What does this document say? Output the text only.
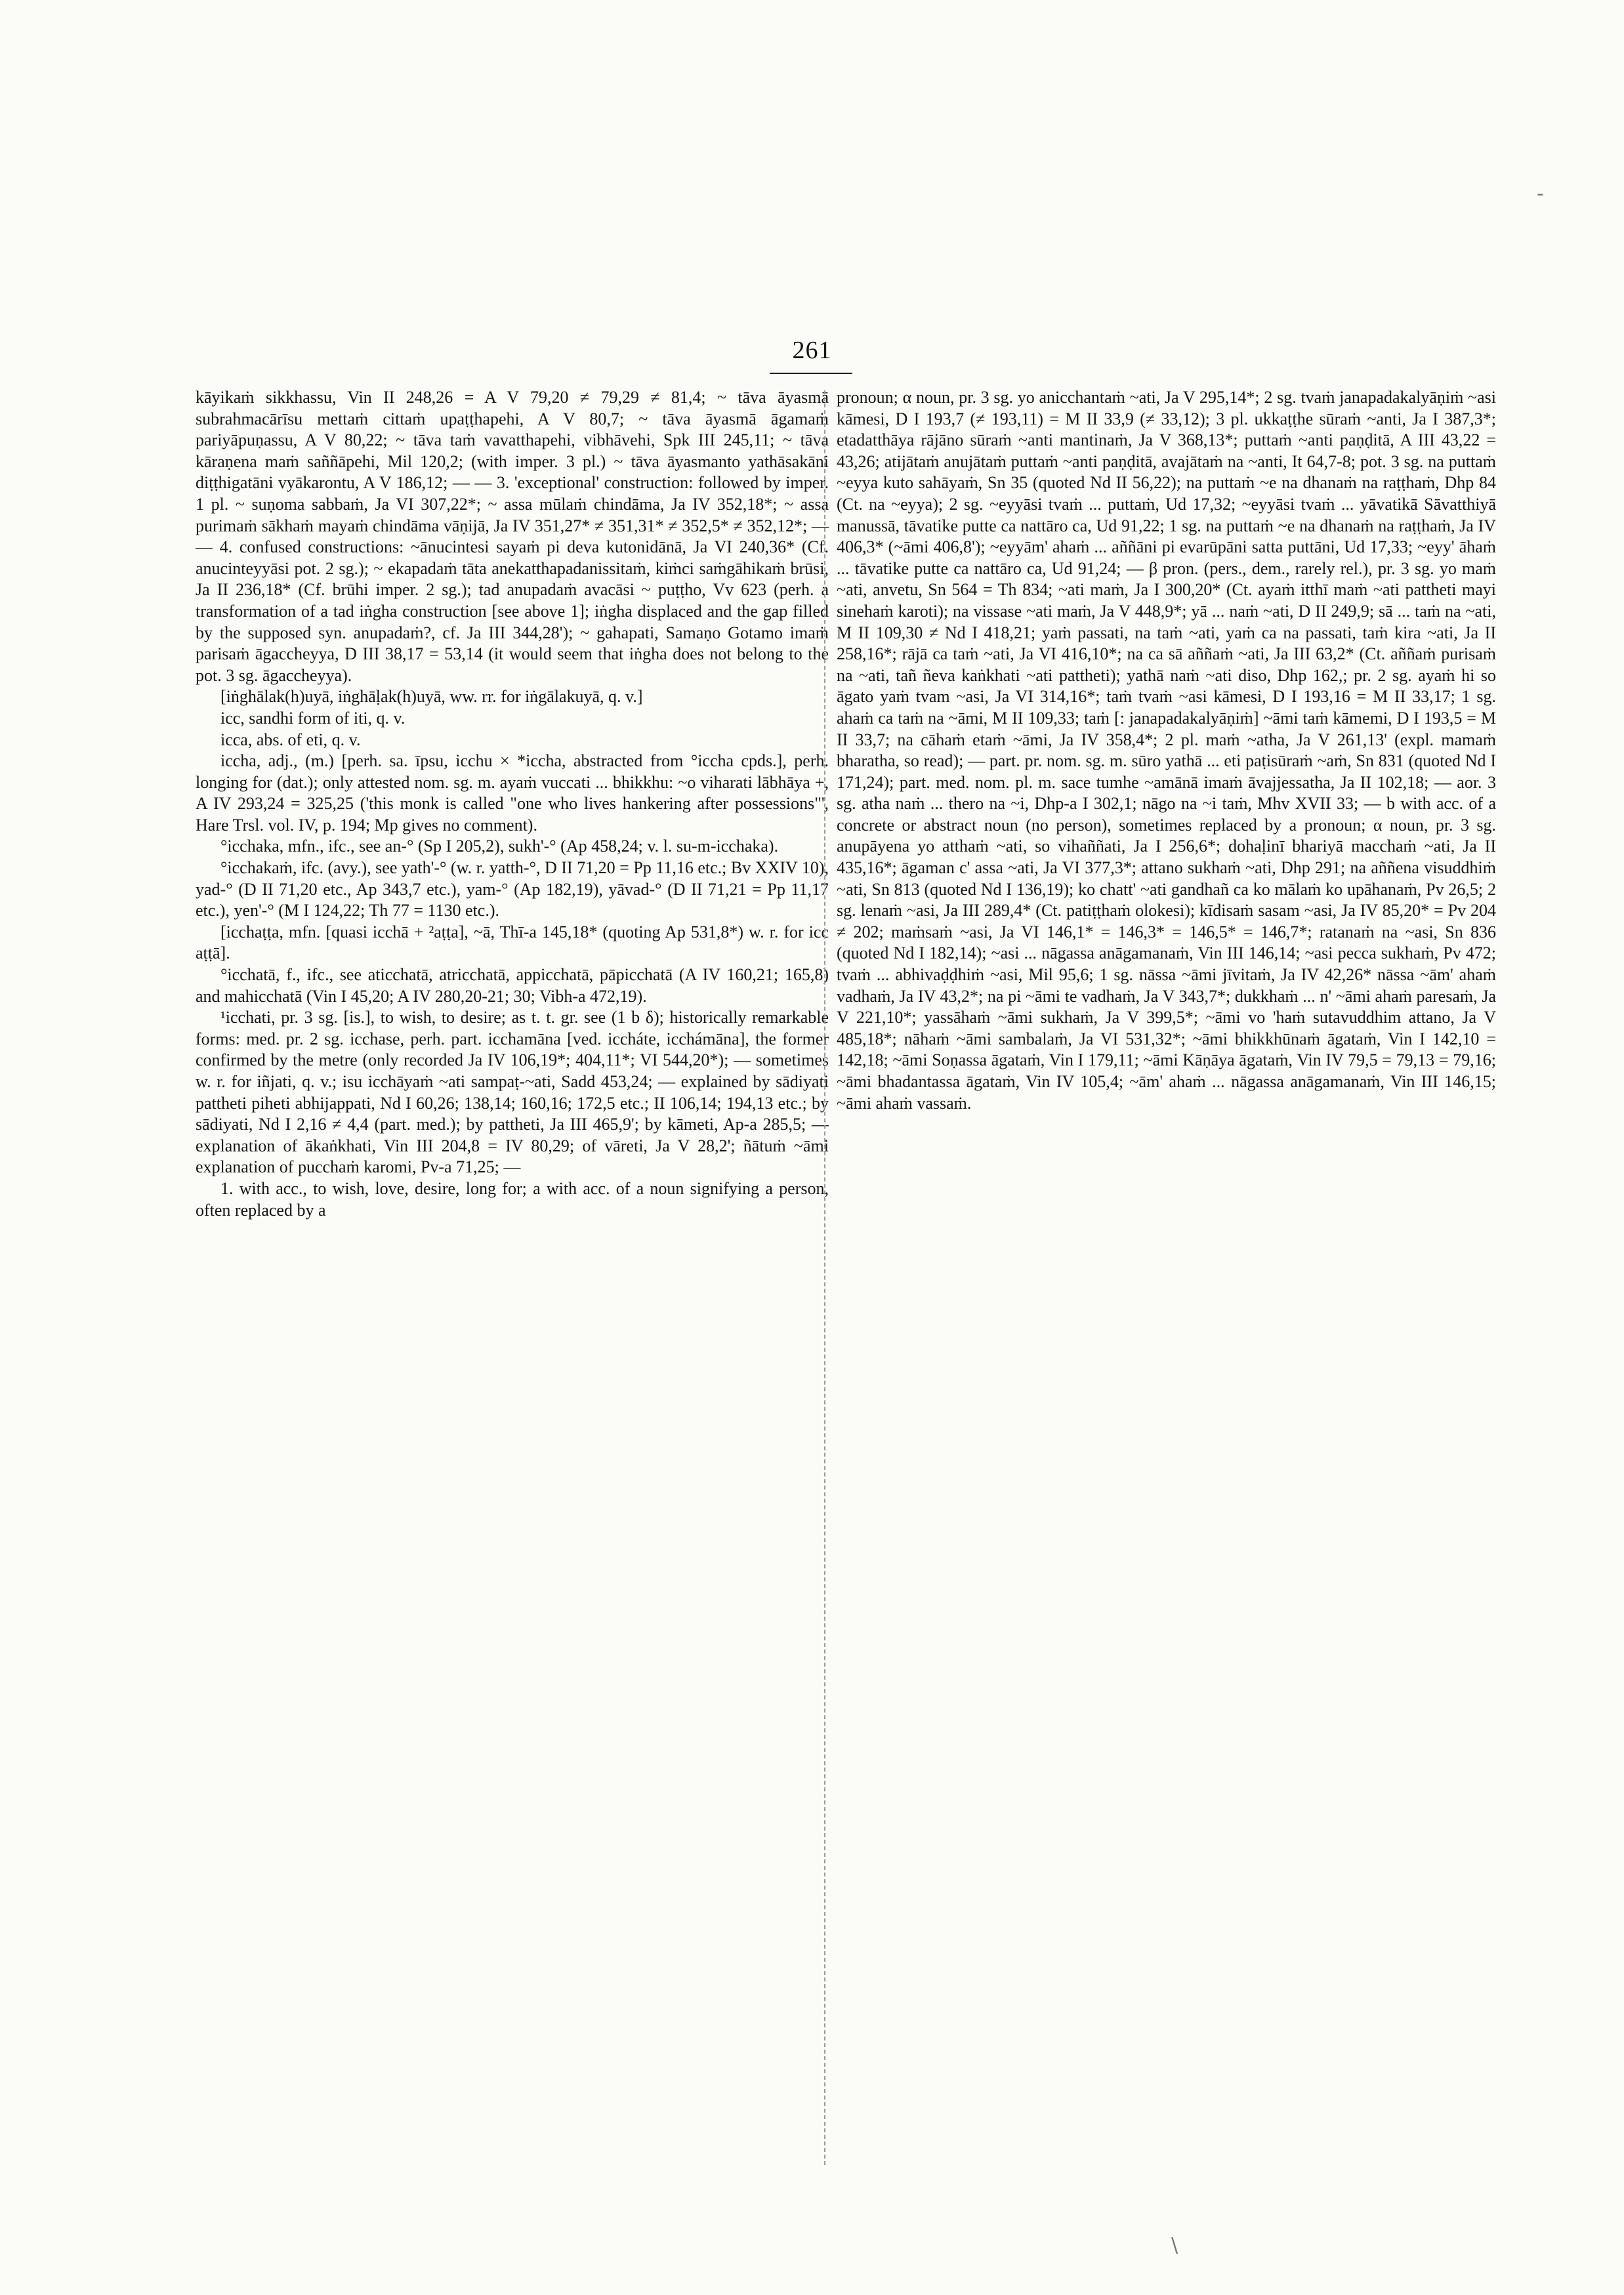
261

kāyikaṁ sikkhassu, Vin II 248,26 = A V 79,20 ≠ 79,29 ≠ 81,4; ~ tāva āyasmā subrahmacārīsu mettaṁ cittaṁ upaṭṭhapehi, A V 80,7; ~ tāva āyasmā āgamaṁ pariyāpuṇassu, A V 80,22; ~ tāva taṁ vavatthapehi, vibhāvehi, Spk III 245,11; ~ tāva kāraṇena maṁ saññāpehi, Mil 120,2; (with imper. 3 pl.) ~ tāva āyasmanto yathāsakāni diṭṭhigatāni vyākarontu, A V 186,12; — — 3. 'exceptional' construction: followed by imper. 1 pl. ~ suṇoma sabbaṁ, Ja VI 307,22*; ~ assa mūlaṁ chindāma, Ja IV 352,18*; ~ assa purimaṁ sākhaṁ mayaṁ chindāma vāṇijā, Ja IV 351,27* ≠ 351,31* ≠ 352,5* ≠ 352,12*; — — 4. confused constructions: ~ānucintesi sayaṁ pi deva kutonidānā, Ja VI 240,36* (Cf. anucinteyyāsi pot. 2 sg.); ~ ekapadaṁ tāta anekatthapadanissitaṁ, kiṁci saṁgāhikaṁ brūsi, Ja II 236,18* (Cf. brūhi imper. 2 sg.); tad anupadaṁ avacāsi ~ puṭṭho, Vv 623 (perh. a transformation of a tad iṅgha construction [see above 1]; iṅgha displaced and the gap filled by the supposed syn. anupadaṁ?, cf. Ja III 344,28'); ~ gahapati, Samaṇo Gotamo imaṁ parisaṁ āgaccheyya, D III 38,17 = 53,14 (it would seem that iṅgha does not belong to the pot. 3 sg. āgaccheyya).

[iṅghālak(h)uyā, iṅghāḷak(h)uyā, ww. rr. for iṅgālakuyā, q. v.]

icc, sandhi form of iti, q. v.

icca, abs. of eti, q. v.

iccha, adj., (m.) [perh. sa. īpsu, icchu × *iccha, abstracted from °iccha cpds.], perh. longing for (dat.); only attested nom. sg. m. ayaṁ vuccati ... bhikkhu: ~o viharati lābhāya +, A IV 293,24 = 325,25 ('this monk is called "one who lives hankering after possessions"', Hare Trsl. vol. IV, p. 194; Mp gives no comment).

°icchaka, mfn., ifc., see an-° (Sp I 205,2), sukh'-° (Ap 458,24; v. l. su-m-icchaka).

°icchakaṁ, ifc. (avy.), see yath'-° (w. r. yatth-°, D II 71,20 = Pp 11,16 etc.; Bv XXIV 10), yad-° (D II 71,20 etc., Ap 343,7 etc.), yam-° (Ap 182,19), yāvad-° (D II 71,21 = Pp 11,17 etc.), yen'-° (M I 124,22; Th 77 = 1130 etc.).

[icchaṭṭa, mfn. [quasi icchā + ²aṭṭa], ~ā, Thī-a 145,18* (quoting Ap 531,8*) w. r. for icc aṭṭā].

°icchatā, f., ifc., see aticchatā, atricchatā, appicchatā, pāpicchatā (A IV 160,21; 165,8) and mahicchatā (Vin I 45,20; A IV 280,20-21; 30; Vibh-a 472,19).

¹icchati, pr. 3 sg. [is.], to wish, to desire; as t. t. gr. see (1 b δ); historically remarkable forms: med. pr. 2 sg. icchase, perh. part. icchamāna [ved. iccháte, icchámāna], the former confirmed by the metre (only recorded Ja IV 106,19*; 404,11*; VI 544,20*); — sometimes w. r. for iñjati, q. v.; isu icchāyaṁ ~ati sampaṭ-~ati, Sadd 453,24; — explained by sādiyati pattheti piheti abhijappati, Nd I 60,26; 138,14; 160,16; 172,5 etc.; II 106,14; 194,13 etc.; by sādiyati, Nd I 2,16 ≠ 4,4 (part. med.); by pattheti, Ja III 465,9'; by kāmeti, Ap-a 285,5; — explanation of ākaṅkhati, Vin III 204,8 = IV 80,29; of vāreti, Ja V 28,2'; ñātuṁ ~āmi explanation of pucchaṁ karomi, Pv-a 71,25; —

1. with acc., to wish, love, desire, long for; a with acc. of a noun signifying a person, often replaced by a

pronoun; α noun, pr. 3 sg. yo anicchantaṁ ~ati, Ja V 295,14*; 2 sg. tvaṁ janapadakalyāṇiṁ ~asi kāmesi, D I 193,7 (≠ 193,11) = M II 33,9 (≠ 33,12); 3 pl. ukkaṭṭhe sūraṁ ~anti, Ja I 387,3*; etadatthāya rājāno sūraṁ ~anti mantinaṁ, Ja V 368,13*; puttaṁ ~anti paṇḍitā, A III 43,22 = 43,26; atijātaṁ anujātaṁ puttaṁ ~anti paṇḍitā, avajātaṁ na ~anti, It 64,7-8; pot. 3 sg. na puttaṁ ~eyya kuto sahāyaṁ, Sn 35 (quoted Nd II 56,22); na puttaṁ ~e na dhanaṁ na raṭṭhaṁ, Dhp 84 (Ct. na ~eyya); 2 sg. ~eyyāsi tvaṁ ... puttaṁ, Ud 17,32; ~eyyāsi tvaṁ ... yāvatikā Sāvatthiyā manussā, tāvatike putte ca nattāro ca, Ud 91,22; 1 sg. na puttaṁ ~e na dhanaṁ na raṭṭhaṁ, Ja IV 406,3* (~āmi 406,8'); ~eyyām' ahaṁ ... aññāni pi evarūpāni satta puttāni, Ud 17,33; ~eyy' āhaṁ ... tāvatike putte ca nattāro ca, Ud 91,24; — β pron. (pers., dem., rarely rel.), pr. 3 sg. yo maṁ ~ati, anvetu, Sn 564 = Th 834; ~ati maṁ, Ja I 300,20* (Ct. ayaṁ itthī maṁ ~ati pattheti mayi sinehaṁ karoti); na vissase ~ati maṁ, Ja V 448,9*; yā ... naṁ ~ati, D II 249,9; sā ... taṁ na ~ati, M II 109,30 ≠ Nd I 418,21; yaṁ passati, na taṁ ~ati, yaṁ ca na passati, taṁ kira ~ati, Ja II 258,16*; rājā ca taṁ ~ati, Ja VI 416,10*; na ca sā aññaṁ ~ati, Ja III 63,2* (Ct. aññaṁ purisaṁ na ~ati, tañ ñeva kaṅkhati ~ati pattheti); yathā naṁ ~ati diso, Dhp 162,; pr. 2 sg. ayaṁ hi so āgato yaṁ tvam ~asi, Ja VI 314,16*; taṁ tvaṁ ~asi kāmesi, D I 193,16 = M II 33,17; 1 sg. ahaṁ ca taṁ na ~āmi, M II 109,33; taṁ [: janapadakalyāṇiṁ] ~āmi taṁ kāmemi, D I 193,5 = M II 33,7; na cāhaṁ etaṁ ~āmi, Ja IV 358,4*; 2 pl. maṁ ~atha, Ja V 261,13' (expl. mamaṁ bharatha, so read); — part. pr. nom. sg. m. sūro yathā ... eti paṭisūraṁ ~aṁ, Sn 831 (quoted Nd I 171,24); part. med. nom. pl. m. sace tumhe ~amānā imaṁ āvajjessatha, Ja II 102,18; — aor. 3 sg. atha naṁ ... thero na ~i, Dhp-a I 302,1; nāgo na ~i taṁ, Mhv XVII 33; — b with acc. of a concrete or abstract noun (no person), sometimes replaced by a pronoun; α noun, pr. 3 sg. anupāyena yo atthaṁ ~ati, so vihaññati, Ja I 256,6*; dohaḷinī bhariyā macchaṁ ~ati, Ja II 435,16*; āgaman c' assa ~ati, Ja VI 377,3*; attano sukhaṁ ~ati, Dhp 291; na aññena visuddhiṁ ~ati, Sn 813 (quoted Nd I 136,19); ko chatt' ~ati gandhañ ca ko mālaṁ ko upāhanaṁ, Pv 26,5; 2 sg. lenaṁ ~asi, Ja III 289,4* (Ct. patiṭṭhaṁ olokesi); kīdisaṁ sasam ~asi, Ja IV 85,20* = Pv 204 ≠ 202; maṁsaṁ ~asi, Ja VI 146,1* = 146,3* = 146,5* = 146,7*; ratanaṁ na ~asi, Sn 836 (quoted Nd I 182,14); ~asi ... nāgassa anāgamanaṁ, Vin III 146,14; ~asi pecca sukhaṁ, Pv 472; tvaṁ ... abhivaḍḍhiṁ ~asi, Mil 95,6; 1 sg. nāssa ~āmi jīvitaṁ, Ja IV 42,26* nāssa ~ām' ahaṁ vadhaṁ, Ja IV 43,2*; na pi ~āmi te vadhaṁ, Ja V 343,7*; dukkhaṁ ... n' ~āmi ahaṁ paresaṁ, Ja V 221,10*; yassāhaṁ ~āmi sukhaṁ, Ja V 399,5*; ~āmi vo 'haṁ sutavuddhim attano, Ja V 485,18*; nāhaṁ ~āmi sambalaṁ, Ja VI 531,32*; ~āmi bhikkhūnaṁ āgataṁ, Vin I 142,10 = 142,18; ~āmi Soṇassa āgataṁ, Vin I 179,11; ~āmi Kāṇāya āgataṁ, Vin IV 79,5 = 79,13 = 79,16; ~āmi bhadantassa āgataṁ, Vin IV 105,4; ~ām' ahaṁ ... nāgassa anāgamanaṁ, Vin III 146,15; ~āmi ahaṁ vassaṁ.

-
\
